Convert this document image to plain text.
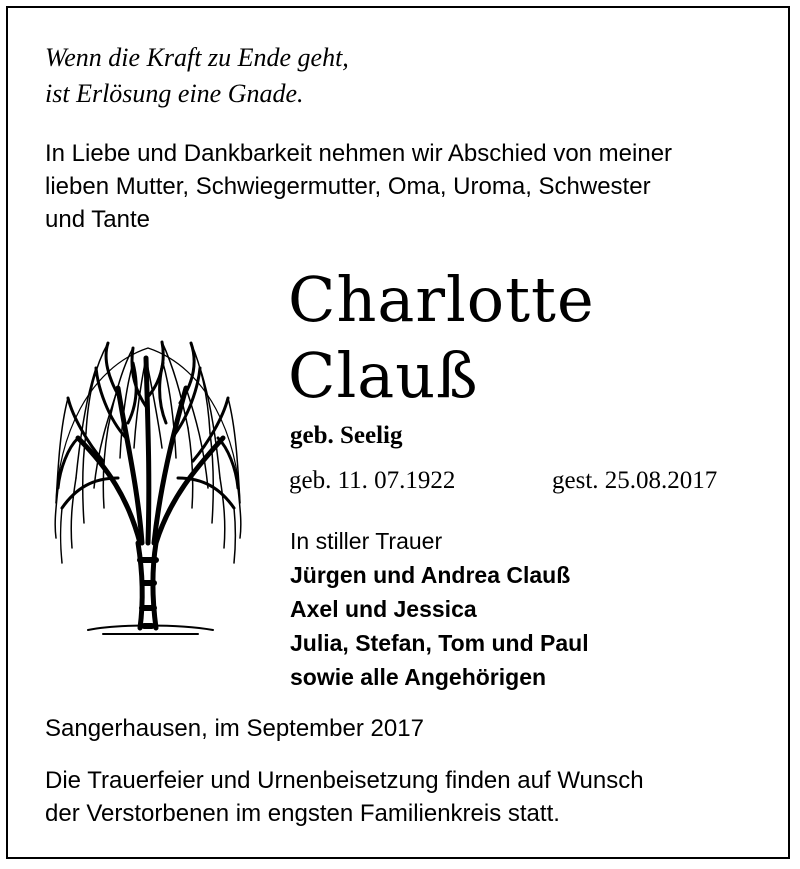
Wenn die Kraft zu Ende geht,
ist Erlösung eine Gnade.
In Liebe und Dankbarkeit nehmen wir Abschied von meiner
lieben Mutter, Schwiegermutter, Oma, Uroma, Schwester
und Tante
Charlotte
Clauß
geb. Seelig
geb. 11. 07.1922	gest. 25.08.2017
In stiller Trauer
Jürgen und Andrea Clauß
Axel und Jessica
Julia, Stefan, Tom und Paul
sowie alle Angehörigen
Sangerhausen, im September 2017
Die Trauerfeier und Urnenbeisetzung finden auf Wunsch
der Verstorbenen im engsten Familienkreis statt.
